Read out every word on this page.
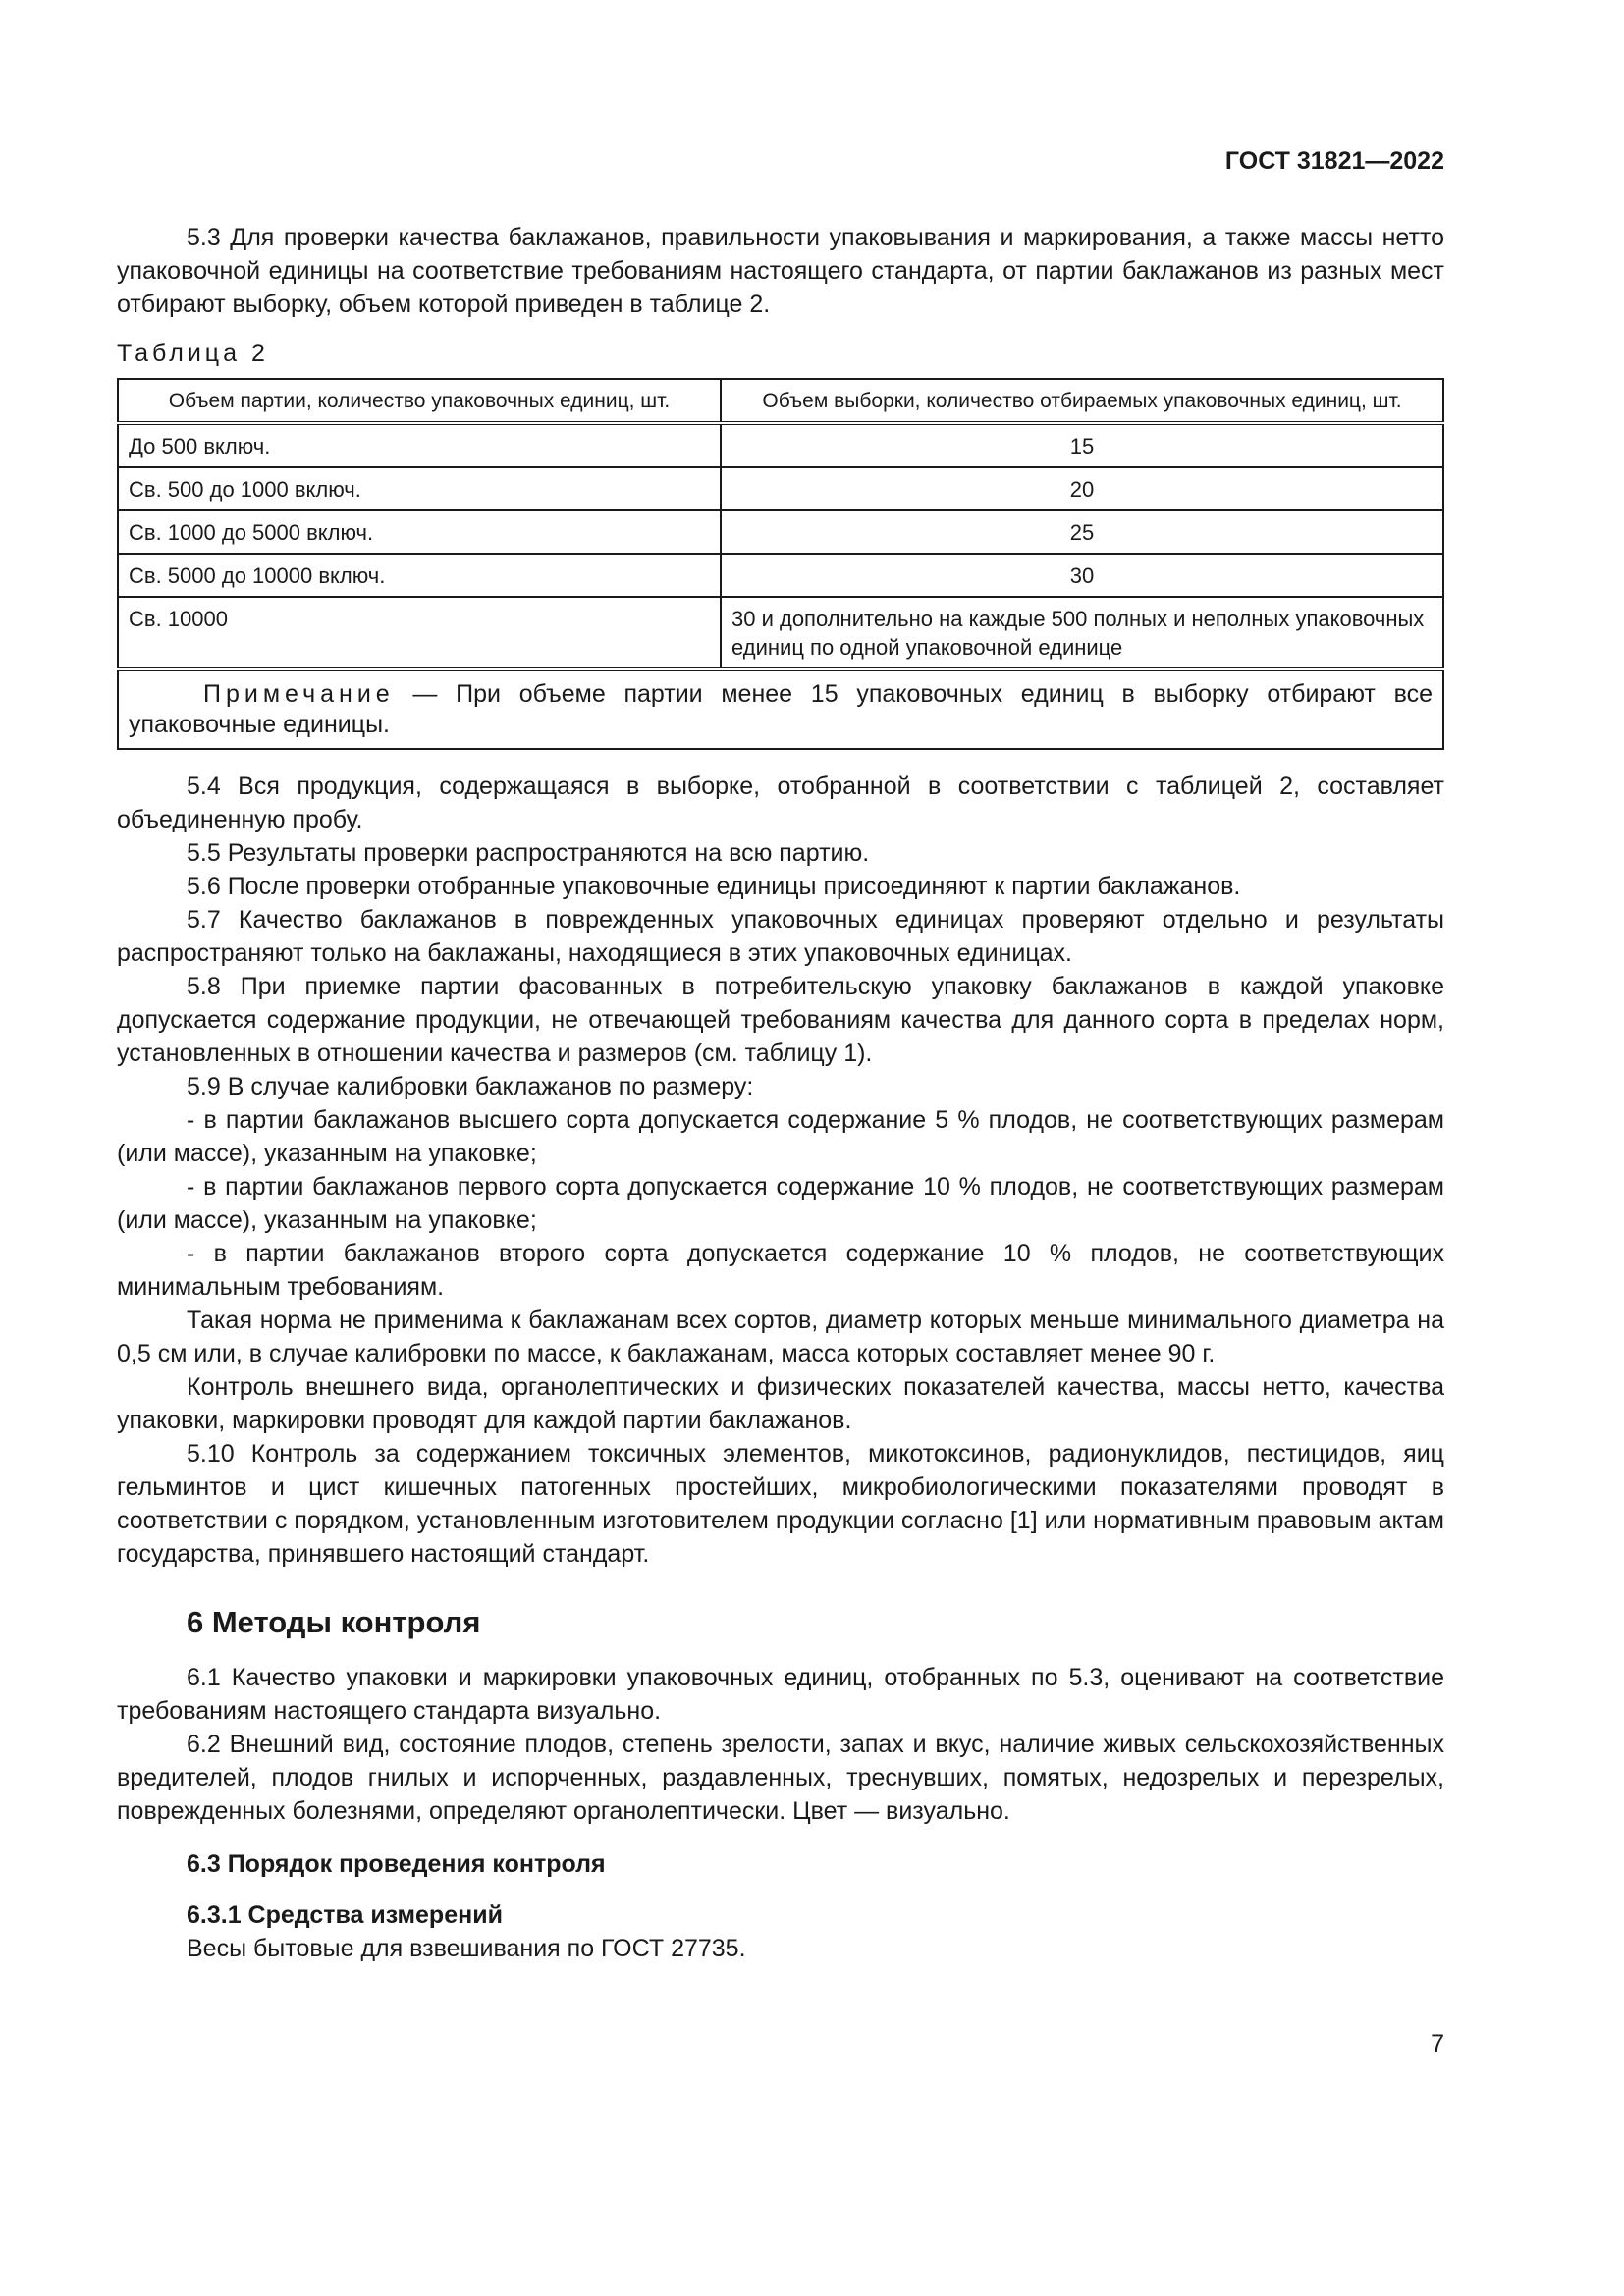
ГОСТ 31821—2022

5.3 Для проверки качества баклажанов, правильности упаковывания и маркирования, а также массы нетто упаковочной единицы на соответствие требованиям настоящего стандарта, от партии баклажанов из разных мест отбирают выборку, объем которой приведен в таблице 2.

Таблица 2
Объем партии, количество упаковочных единиц, шт.	Объем выборки, количество отбираемых упаковочных единиц, шт.
До 500 включ.	15
Св. 500 до 1000 включ.	20
Св. 1000 до 5000 включ.	25
Св. 5000 до 10000 включ.	30
Св. 10000	30 и дополнительно на каждые 500 полных и неполных упаковочных единиц по одной упаковочной единице
Примечание — При объеме партии менее 15 упаковочных единиц в выборку отбирают все упаковочные единицы.	

5.4 Вся продукция, содержащаяся в выборке, отобранной в соответствии с таблицей 2, составляет объединенную пробу.

5.5 Результаты проверки распространяются на всю партию.

5.6 После проверки отобранные упаковочные единицы присоединяют к партии баклажанов.

5.7 Качество баклажанов в поврежденных упаковочных единицах проверяют отдельно и результаты распространяют только на баклажаны, находящиеся в этих упаковочных единицах.

5.8 При приемке партии фасованных в потребительскую упаковку баклажанов в каждой упаковке допускается содержание продукции, не отвечающей требованиям качества для данного сорта в пределах норм, установленных в отношении качества и размеров (см. таблицу 1).

5.9 В случае калибровки баклажанов по размеру:

- в партии баклажанов высшего сорта допускается содержание 5 % плодов, не соответствующих размерам (или массе), указанным на упаковке;

- в партии баклажанов первого сорта допускается содержание 10 % плодов, не соответствующих размерам (или массе), указанным на упаковке;

- в партии баклажанов второго сорта допускается содержание 10 % плодов, не соответствующих минимальным требованиям.

Такая норма не применима к баклажанам всех сортов, диаметр которых меньше минимального диаметра на 0,5 см или, в случае калибровки по массе, к баклажанам, масса которых составляет менее 90 г.

Контроль внешнего вида, органолептических и физических показателей качества, массы нетто, качества упаковки, маркировки проводят для каждой партии баклажанов.

5.10 Контроль за содержанием токсичных элементов, микотоксинов, радионуклидов, пестицидов, яиц гельминтов и цист кишечных патогенных простейших, микробиологическими показателями проводят в соответствии с порядком, установленным изготовителем продукции согласно [1] или нормативным правовым актам государства, принявшего настоящий стандарт.

6 Методы контроля

6.1 Качество упаковки и маркировки упаковочных единиц, отобранных по 5.3, оценивают на соответствие требованиям настоящего стандарта визуально.

6.2 Внешний вид, состояние плодов, степень зрелости, запах и вкус, наличие живых сельскохозяйственных вредителей, плодов гнилых и испорченных, раздавленных, треснувших, помятых, недозрелых и перезрелых, поврежденных болезнями, определяют органолептически. Цвет — визуально.

6.3 Порядок проведения контроля
6.3.1 Средства измерений

Весы бытовые для взвешивания по ГОСТ 27735.

7
